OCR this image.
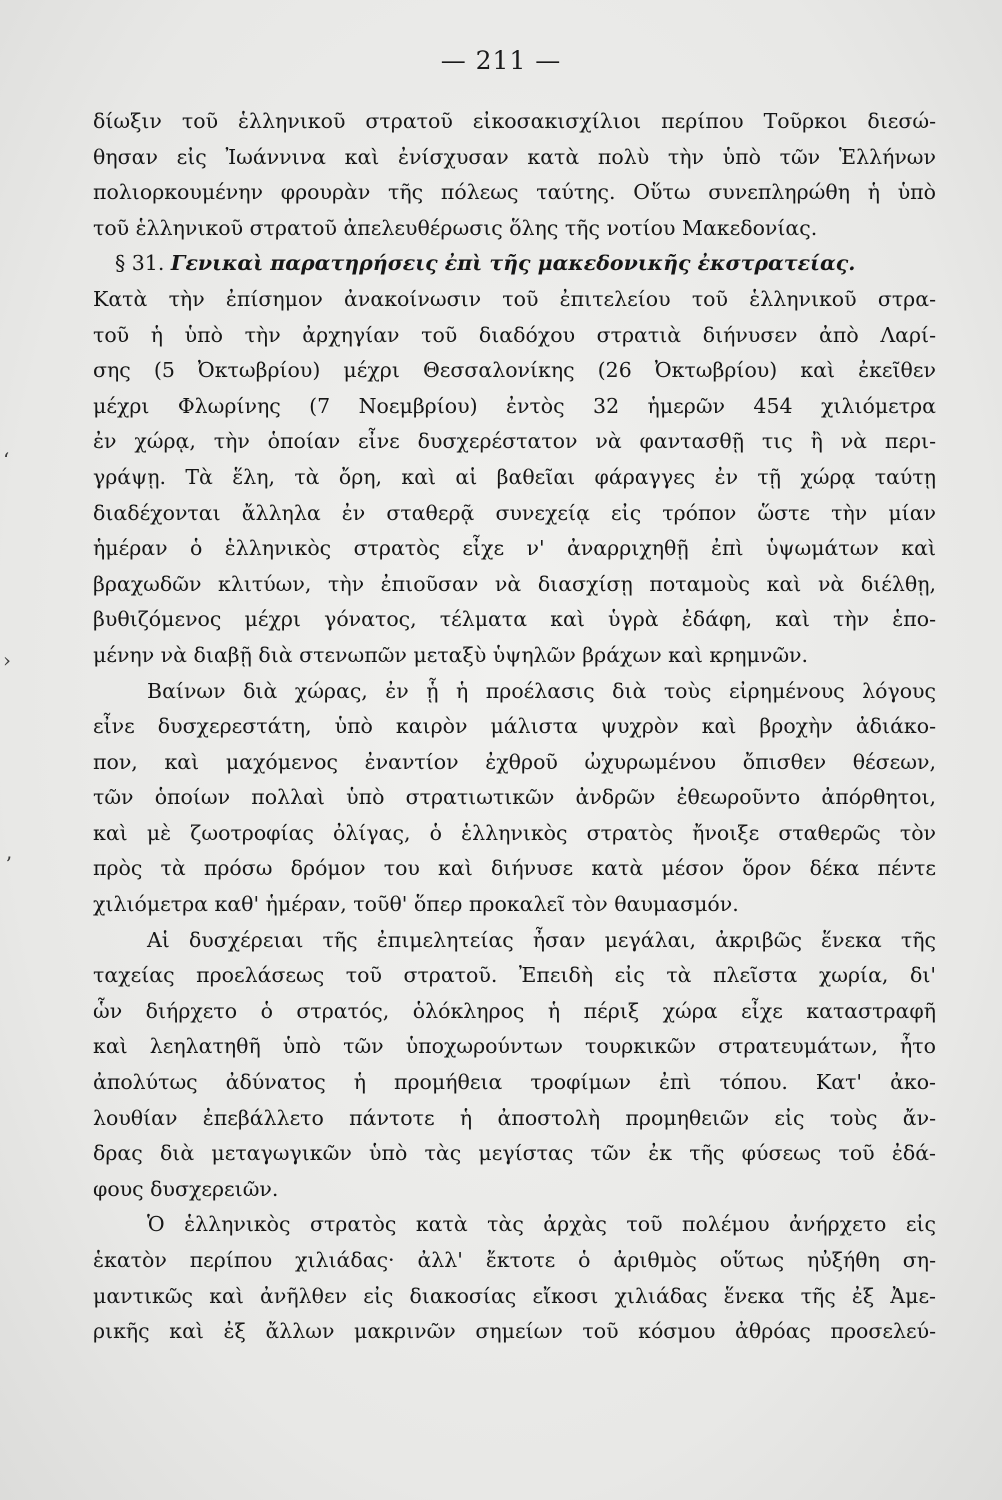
— 211 —
δίωξιν τοῦ ἑλληνικοῦ στρατοῦ εἰκοσακισχίλιοι περίπου Τοῦρκοι διεσώ-
θησαν εἰς Ἰωάννινα καὶ ἐνίσχυσαν κατὰ πολὺ τὴν ὑπὸ τῶν Ἑλλήνων
πολιορκουμένην φρουρὰν τῆς πόλεως ταύτης. Οὕτω συνεπληρώθη ἡ ὑπὸ
τοῦ ἑλληνικοῦ στρατοῦ ἀπελευθέρωσις ὅλης τῆς νοτίου Μακεδονίας.
§ 31. Γενικαὶ παρατηρήσεις ἐπὶ τῆς μακεδονικῆς ἐκστρατείας.
Κατὰ τὴν ἐπίσημον ἀνακοίνωσιν τοῦ ἐπιτελείου τοῦ ἑλληνικοῦ στρα-
τοῦ ἡ ὑπὸ τὴν ἀρχηγίαν τοῦ διαδόχου στρατιὰ διήνυσεν ἀπὸ Λαρί-
σης (5 Ὀκτωβρίου) μέχρι Θεσσαλονίκης (26 Ὀκτωβρίου) καὶ ἐκεῖθεν
μέχρι Φλωρίνης (7 Νοεμβρίου) ἐντὸς 32 ἡμερῶν 454 χιλιόμετρα
ἐν χώρᾳ, τὴν ὁποίαν εἶνε δυσχερέστατον νὰ φαντασθῇ τις ἢ νὰ περι-
γράψῃ. Τὰ ἕλη, τὰ ὄρη, καὶ αἱ βαθεῖαι φάραγγες ἐν τῇ χώρᾳ ταύτῃ
διαδέχονται ἄλληλα ἐν σταθερᾷ συνεχείᾳ εἰς τρόπον ὥστε τὴν μίαν
ἡμέραν ὁ ἑλληνικὸς στρατὸς εἶχε ν' ἀναρριχηθῇ ἐπὶ ὑψωμάτων καὶ
βραχωδῶν κλιτύων, τὴν ἐπιοῦσαν νὰ διασχίσῃ ποταμοὺς καὶ νὰ διέλθῃ,
βυθιζόμενος μέχρι γόνατος, τέλματα καὶ ὑγρὰ ἐδάφη, καὶ τὴν ἑπο-
μένην νὰ διαβῇ διὰ στενωπῶν μεταξὺ ὑψηλῶν βράχων καὶ κρημνῶν.
Βαίνων διὰ χώρας, ἐν ᾗ ἡ προέλασις διὰ τοὺς εἰρημένους λόγους
εἶνε δυσχερεστάτη, ὑπὸ καιρὸν μάλιστα ψυχρὸν καὶ βροχὴν ἀδιάκο-
πον, καὶ μαχόμενος ἐναντίον ἐχθροῦ ὠχυρωμένου ὄπισθεν θέσεων,
τῶν ὁποίων πολλαὶ ὑπὸ στρατιωτικῶν ἀνδρῶν ἐθεωροῦντο ἀπόρθητοι,
καὶ μὲ ζωοτροφίας ὀλίγας, ὁ ἑλληνικὸς στρατὸς ἤνοιξε σταθερῶς τὸν
πρὸς τὰ πρόσω δρόμον του καὶ διήνυσε κατὰ μέσον ὅρον δέκα πέντε
χιλιόμετρα καθ' ἡμέραν, τοῦθ' ὅπερ προκαλεῖ τὸν θαυμασμόν.
Αἱ δυσχέρειαι τῆς ἐπιμελητείας ἦσαν μεγάλαι, ἀκριβῶς ἕνεκα τῆς
ταχείας προελάσεως τοῦ στρατοῦ. Ἐπειδὴ εἰς τὰ πλεῖστα χωρία, δι'
ὧν διήρχετο ὁ στρατός, ὁλόκληρος ἡ πέριξ χώρα εἶχε καταστραφῆ
καὶ λεηλατηθῆ ὑπὸ τῶν ὑποχωρούντων τουρκικῶν στρατευμάτων, ἦτο
ἀπολύτως ἀδύνατος ἡ προμήθεια τροφίμων ἐπὶ τόπου. Κατ' ἀκο-
λουθίαν ἐπεβάλλετο πάντοτε ἡ ἀποστολὴ προμηθειῶν εἰς τοὺς ἄν-
δρας διὰ μεταγωγικῶν ὑπὸ τὰς μεγίστας τῶν ἐκ τῆς φύσεως τοῦ ἐδά-
φους δυσχερειῶν.
Ὁ ἑλληνικὸς στρατὸς κατὰ τὰς ἀρχὰς τοῦ πολέμου ἀνήρχετο εἰς
ἑκατὸν περίπου χιλιάδας· ἀλλ' ἔκτοτε ὁ ἀριθμὸς οὕτως ηὐξήθη ση-
μαντικῶς καὶ ἀνῆλθεν εἰς διακοσίας εἴκοσι χιλιάδας ἕνεκα τῆς ἐξ Ἀμε-
ρικῆς καὶ ἐξ ἄλλων μακρινῶν σημείων τοῦ κόσμου ἀθρόας προσελεύ-
ʻ
›
ʼ
